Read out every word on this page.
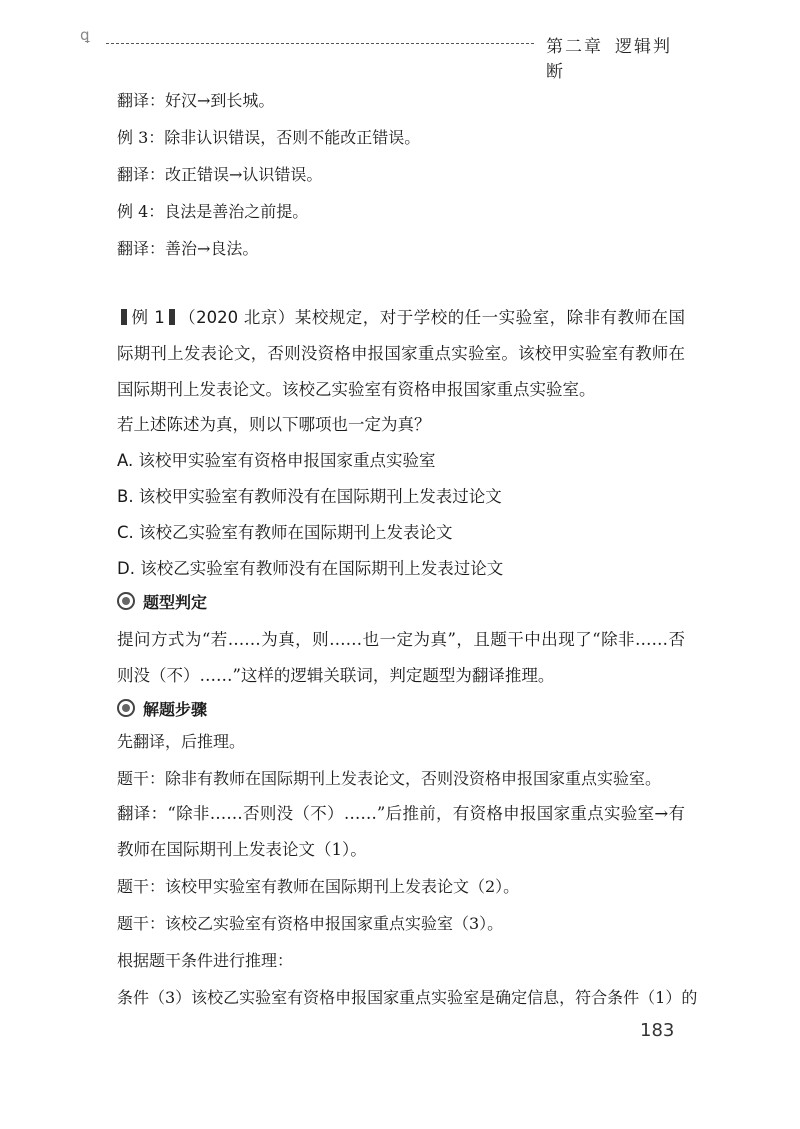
ꝗ
第二章 逻辑判断
翻译：好汉→到长城。
例 3：除非认识错误，否则不能改正错误。
翻译：改正错误→认识错误。
例 4：良法是善治之前提。
翻译：善治→良法。
例 1 （2020 北京）某校规定，对于学校的任一实验室，除非有教师在国际期刊上发表论文，否则没资格申报国家重点实验室。该校甲实验室有教师在国际期刊上发表论文。该校乙实验室有资格申报国家重点实验室。
若上述陈述为真，则以下哪项也一定为真？
A. 该校甲实验室有资格申报国家重点实验室
B. 该校甲实验室有教师没有在国际期刊上发表过论文
C. 该校乙实验室有教师在国际期刊上发表论文
D. 该校乙实验室有教师没有在国际期刊上发表过论文
题型判定
提问方式为“若……为真，则……也一定为真”，且题干中出现了“除非……否则没（不）……”这样的逻辑关联词，判定题型为翻译推理。
解题步骤
先翻译，后推理。
题干：除非有教师在国际期刊上发表论文，否则没资格申报国家重点实验室。
翻译：“除非……否则没（不）……”后推前，有资格申报国家重点实验室→有教师在国际期刊上发表论文（1）。
题干：该校甲实验室有教师在国际期刊上发表论文（2）。
题干：该校乙实验室有资格申报国家重点实验室（3）。
根据题干条件进行推理：
条件（3）该校乙实验室有资格申报国家重点实验室是确定信息，符合条件（1）的
183
